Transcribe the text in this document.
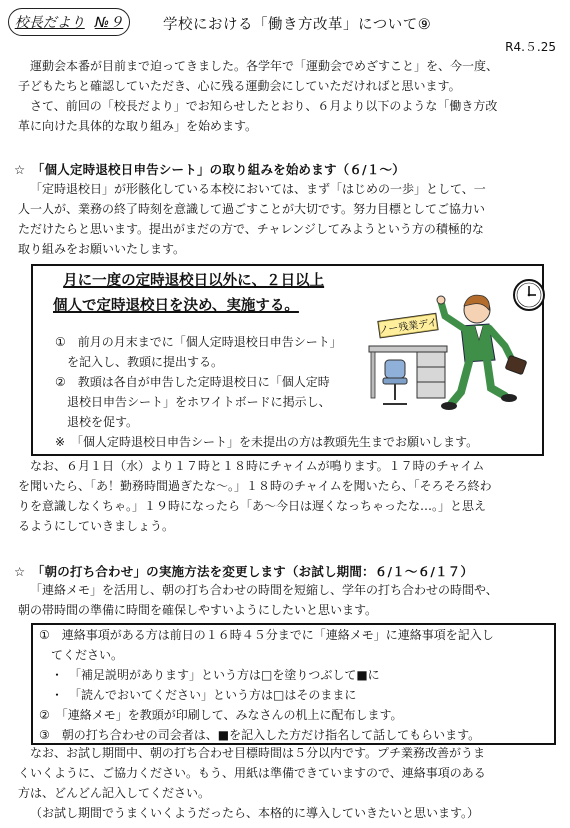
校長だより №９	学校における「働き方改革」について⑨
R4.５.25

運動会本番が目前まで迫ってきました。各学年で「運動会でめざすこと」を、今一度、

子どもたちと確認していただき、心に残る運動会にしていただければと思います。

さて、前回の「校長だより」でお知らせしたとおり、６月より以下のような「働き方改

革に向けた具体的な取り組み」を始めます。

☆　「個人定時退校日申告シート」の取り組みを始めます（６/１～）

「定時退校日」が形骸化している本校においては、まず「はじめの一歩」として、一

人一人が、業務の終了時刻を意識して過ごすことが大切です。努力目標としてご協力い

ただけたらと思います。提出がまだの方で、チャレンジしてみようという方の積極的な

取り組みをお願いいたします。

月に一度の定時退校日以外に、２日以上
個人で定時退校日を決め、実施する。
①　前月の月末までに「個人定時退校日申告シート」
　を記入し、教頭に提出する。
②　教頭は各自が申告した定時退校日に「個人定時
　退校日申告シート」をホワイトボードに掲示し、
　退校を促す。
※　「個人定時退校日申告シート」を未提出の方は教頭先生までお願いします。
ノー残業デイ

なお、６月１日（水）より１７時と１８時にチャイムが鳴ります。１７時のチャイム

を聞いたら、「あ！勤務時間過ぎたな～。」１８時のチャイムを聞いたら、「そろそろ終わ

りを意識しなくちゃ。」１９時になったら「あ～今日は遅くなっちゃったな…。」と思え

るようにしていきましょう。

☆　「朝の打ち合わせ」の実施方法を変更します（お試し期間：６/１～６/１７）

「連絡メモ」を活用し、朝の打ち合わせの時間を短縮し、学年の打ち合わせの時間や、

朝の帯時間の準備に時間を確保しやすいようにしたいと思います。

①　連絡事項がある方は前日の１６時４５分までに「連絡メモ」に連絡事項を記入し
　てください。
　・　「補足説明があります」という方は□を塗りつぶして■に
　・　「読んでおいてください」という方は□はそのままに
②　「連絡メモ」を教頭が印刷して、みなさんの机上に配布します。
③　朝の打ち合わせの司会者は、■を記入した方だけ指名して話してもらいます。

なお、お試し期間中、朝の打ち合わせ目標時間は５分以内です。プチ業務改善がうま

くいくように、ご協力ください。もう、用紙は準備できていますので、連絡事項のある

方は、どんどん記入してください。

（お試し期間でうまくいくようだったら、本格的に導入していきたいと思います。）
